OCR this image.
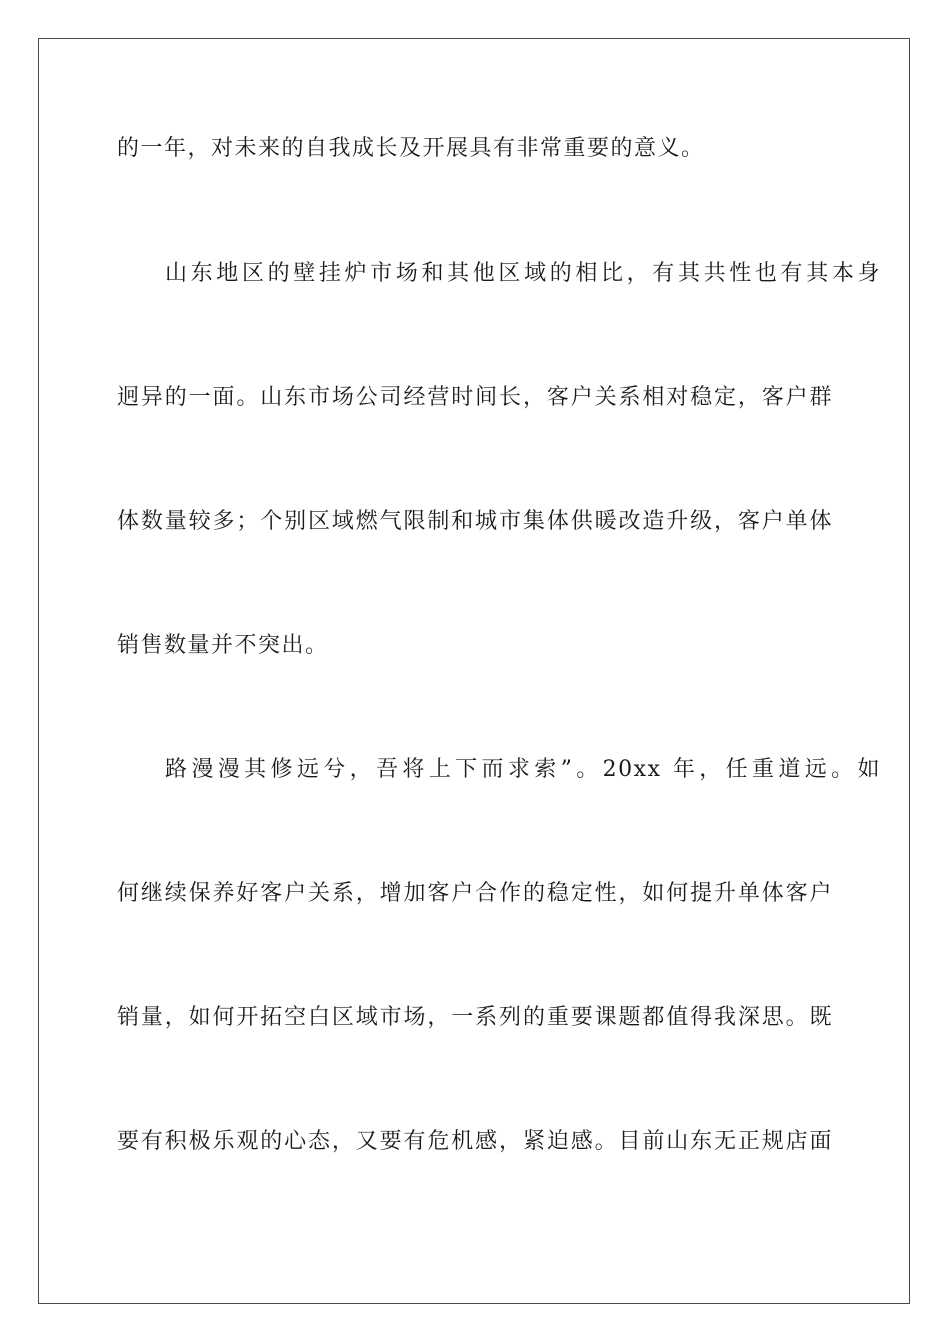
的一年，对未来的自我成长及开展具有非常重要的意义。
山东地区的壁挂炉市场和其他区域的相比，有其共性也有其本身
迥异的一面。山东市场公司经营时间长，客户关系相对稳定，客户群
体数量较多；个别区域燃气限制和城市集体供暖改造升级，客户单体
销售数量并不突出。
路漫漫其修远兮，吾将上下而求索”。20xx 年，任重道远。如
何继续保养好客户关系，增加客户合作的稳定性，如何提升单体客户
销量，如何开拓空白区域市场，一系列的重要课题都值得我深思。既
要有积极乐观的心态，又要有危机感，紧迫感。目前山东无正规店面
